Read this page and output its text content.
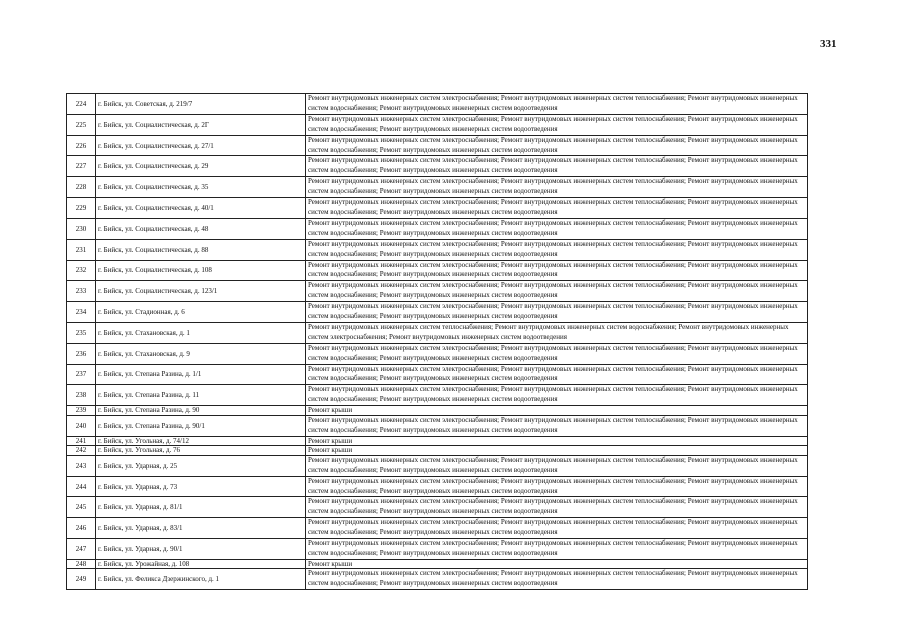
331
224	г. Бийск, ул. Советская, д. 219/7	Ремонт внутридомовых инженерных систем электроснабжения; Ремонт внутридомовых инженерных систем теплоснабжения; Ремонт внутридомовых инженерных систем водоснабжения; Ремонт внутридомовых инженерных систем водоотведения
225	г. Бийск, ул. Социалистическая, д. 2Г	Ремонт внутридомовых инженерных систем электроснабжения; Ремонт внутридомовых инженерных систем теплоснабжения; Ремонт внутридомовых инженерных систем водоснабжения; Ремонт внутридомовых инженерных систем водоотведения
226	г. Бийск, ул. Социалистическая, д. 27/1	Ремонт внутридомовых инженерных систем электроснабжения; Ремонт внутридомовых инженерных систем теплоснабжения; Ремонт внутридомовых инженерных систем водоснабжения; Ремонт внутридомовых инженерных систем водоотведения
227	г. Бийск, ул. Социалистическая, д. 29	Ремонт внутридомовых инженерных систем электроснабжения; Ремонт внутридомовых инженерных систем теплоснабжения; Ремонт внутридомовых инженерных систем водоснабжения; Ремонт внутридомовых инженерных систем водоотведения
228	г. Бийск, ул. Социалистическая, д. 35	Ремонт внутридомовых инженерных систем электроснабжения; Ремонт внутридомовых инженерных систем теплоснабжения; Ремонт внутридомовых инженерных систем водоснабжения; Ремонт внутридомовых инженерных систем водоотведения
229	г. Бийск, ул. Социалистическая, д. 40/1	Ремонт внутридомовых инженерных систем электроснабжения; Ремонт внутридомовых инженерных систем теплоснабжения; Ремонт внутридомовых инженерных систем водоснабжения; Ремонт внутридомовых инженерных систем водоотведения
230	г. Бийск, ул. Социалистическая, д. 48	Ремонт внутридомовых инженерных систем электроснабжения; Ремонт внутридомовых инженерных систем теплоснабжения; Ремонт внутридомовых инженерных систем водоснабжения; Ремонт внутридомовых инженерных систем водоотведения
231	г. Бийск, ул. Социалистическая, д. 88	Ремонт внутридомовых инженерных систем электроснабжения; Ремонт внутридомовых инженерных систем теплоснабжения; Ремонт внутридомовых инженерных систем водоснабжения; Ремонт внутридомовых инженерных систем водоотведения
232	г. Бийск, ул. Социалистическая, д. 108	Ремонт внутридомовых инженерных систем электроснабжения; Ремонт внутридомовых инженерных систем теплоснабжения; Ремонт внутридомовых инженерных систем водоснабжения; Ремонт внутридомовых инженерных систем водоотведения
233	г. Бийск, ул. Социалистическая, д. 123/1	Ремонт внутридомовых инженерных систем электроснабжения; Ремонт внутридомовых инженерных систем теплоснабжения; Ремонт внутридомовых инженерных систем водоснабжения; Ремонт внутридомовых инженерных систем водоотведения
234	г. Бийск, ул. Стадионная, д. 6	Ремонт внутридомовых инженерных систем электроснабжения; Ремонт внутридомовых инженерных систем теплоснабжения; Ремонт внутридомовых инженерных систем водоснабжения; Ремонт внутридомовых инженерных систем водоотведения
235	г. Бийск, ул. Стахановская, д. 1	Ремонт внутридомовых инженерных систем теплоснабжения; Ремонт внутридомовых инженерных систем водоснабжения; Ремонт внутридомовых инженерных систем электроснабжения; Ремонт внутридомовых инженерных систем водоотведения
236	г. Бийск, ул. Стахановская, д. 9	Ремонт внутридомовых инженерных систем электроснабжения; Ремонт внутридомовых инженерных систем теплоснабжения; Ремонт внутридомовых инженерных систем водоснабжения; Ремонт внутридомовых инженерных систем водоотведения
237	г. Бийск, ул. Степана Разина, д. 1/1	Ремонт внутридомовых инженерных систем электроснабжения; Ремонт внутридомовых инженерных систем теплоснабжения; Ремонт внутридомовых инженерных систем водоснабжения; Ремонт внутридомовых инженерных систем водоотведения
238	г. Бийск, ул. Степана Разина, д. 11	Ремонт внутридомовых инженерных систем электроснабжения; Ремонт внутридомовых инженерных систем теплоснабжения; Ремонт внутридомовых инженерных систем водоснабжения; Ремонт внутридомовых инженерных систем водоотведения
239	г. Бийск, ул. Степана Разина, д. 90	Ремонт крыши
240	г. Бийск, ул. Степана Разина, д. 90/1	Ремонт внутридомовых инженерных систем электроснабжения; Ремонт внутридомовых инженерных систем теплоснабжения; Ремонт внутридомовых инженерных систем водоснабжения; Ремонт внутридомовых инженерных систем водоотведения
241	г. Бийск, ул. Угольная, д. 74/12	Ремонт крыши
242	г. Бийск, ул. Угольная, д. 76	Ремонт крыши
243	г. Бийск, ул. Ударная, д. 25	Ремонт внутридомовых инженерных систем электроснабжения; Ремонт внутридомовых инженерных систем теплоснабжения; Ремонт внутридомовых инженерных систем водоснабжения; Ремонт внутридомовых инженерных систем водоотведения
244	г. Бийск, ул. Ударная, д. 73	Ремонт внутридомовых инженерных систем электроснабжения; Ремонт внутридомовых инженерных систем теплоснабжения; Ремонт внутридомовых инженерных систем водоснабжения; Ремонт внутридомовых инженерных систем водоотведения
245	г. Бийск, ул. Ударная, д. 81/1	Ремонт внутридомовых инженерных систем электроснабжения; Ремонт внутридомовых инженерных систем теплоснабжения; Ремонт внутридомовых инженерных систем водоснабжения; Ремонт внутридомовых инженерных систем водоотведения
246	г. Бийск, ул. Ударная, д. 83/1	Ремонт внутридомовых инженерных систем электроснабжения; Ремонт внутридомовых инженерных систем теплоснабжения; Ремонт внутридомовых инженерных систем водоснабжения; Ремонт внутридомовых инженерных систем водоотведения
247	г. Бийск, ул. Ударная, д. 90/1	Ремонт внутридомовых инженерных систем электроснабжения; Ремонт внутридомовых инженерных систем теплоснабжения; Ремонт внутридомовых инженерных систем водоснабжения; Ремонт внутридомовых инженерных систем водоотведения
248	г. Бийск, ул. Урожайная, д. 108	Ремонт крыши
249	г. Бийск, ул. Феликса Дзержинского, д. 1	Ремонт внутридомовых инженерных систем электроснабжения; Ремонт внутридомовых инженерных систем теплоснабжения; Ремонт внутридомовых инженерных систем водоснабжения; Ремонт внутридомовых инженерных систем водоотведения
